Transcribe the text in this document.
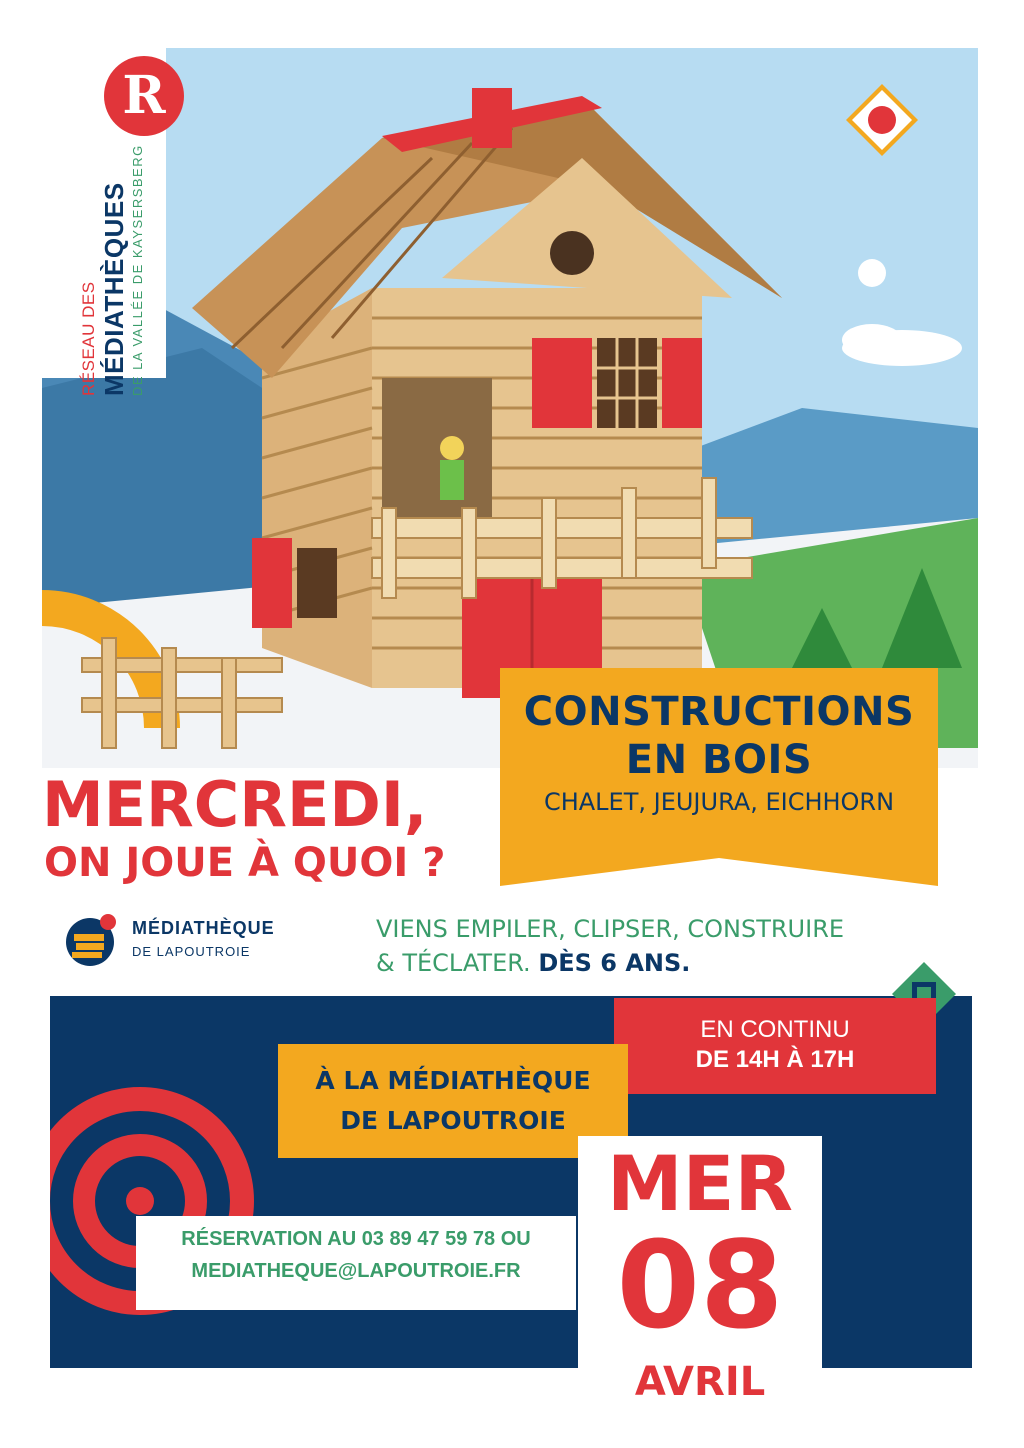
R
RÉSEAU DES MÉDIATHÈQUES DE LA VALLÉE DE KAYSERSBERG
CONSTRUCTIONS
EN BOIS
CHALET, JEUJURA, EICHHORN
MERCREDI,
ON JOUE À QUOI ?
MÉDIATHÈQUE
DE LAPOUTROIE
VIENS EMPILER, CLIPSER, CONSTRUIRE
& TÉCLATER. DÈS 6 ANS.
EN CONTINU
DE 14H À 17H
À LA MÉDIATHÈQUE
DE LAPOUTROIE
MER
08
AVRIL
RÉSERVATION AU 03 89 47 59 78 OU
MEDIATHEQUE@LAPOUTROIE.FR
